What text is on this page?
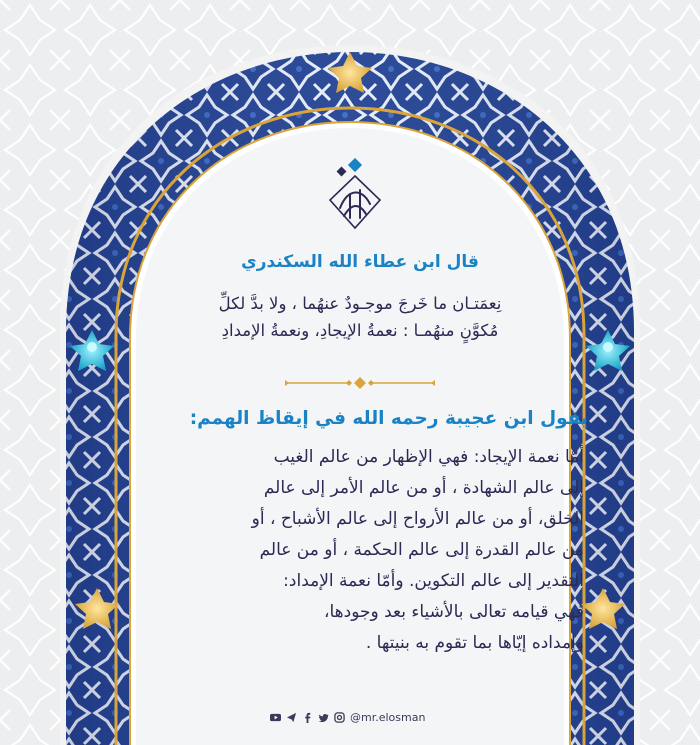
قال ابن عطاء الله السكندري
نِعمَتـان ما خَرجَ موجـودٌ عنهُما ، ولا بدَّ لكلِّ
مُكوَّنٍ منهُمـا : نعمةُ الإيجادِ، ونعمةُ الإمدادِ
يقول ابن عجيبة رحمه الله في إيقاظ الهمم:
أمّا نعمة الإيجاد: فهي الإظهار من عالم الغيب
إلى عالم الشهادة ، أو من عالم الأمر إلى عالم
الخلق، أو من عالم الأرواح إلى عالم الأشباح ، أو
من عالم القدرة إلى عالم الحكمة ، أو من عالم
التقدير إلى عالم التكوين. وأمّا نعمة الإمداد:
فهي قيامه تعالى بالأشياء بعد وجودها،
وإمداده إيّاها بما تقوم به بنيتها .
@mr.elosman
